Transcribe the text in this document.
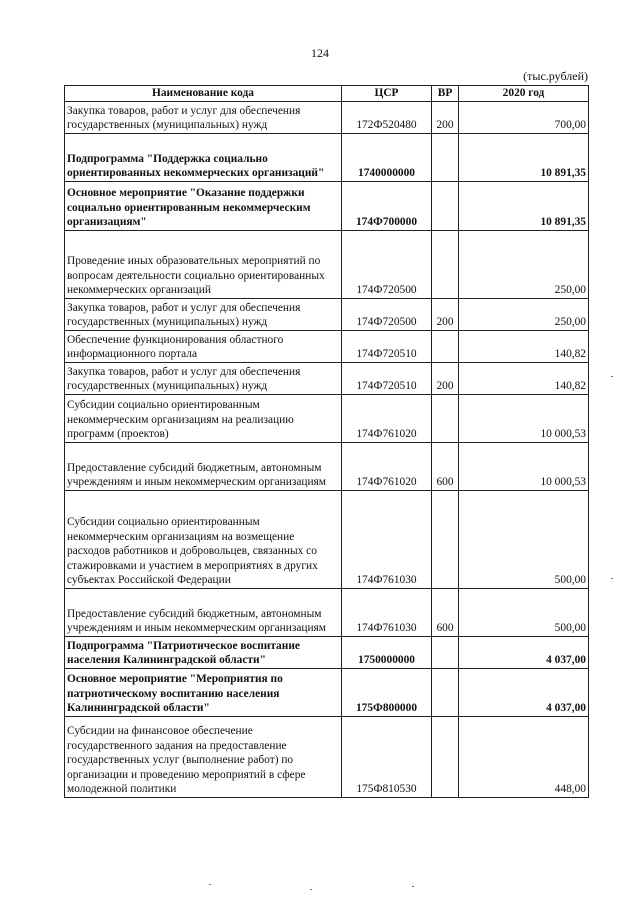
124
(тыс.рублей)
Наименование кода	ЦСР	ВР	2020 год
Закупка товаров, работ и услуг для обеспечения государственных (муниципальных) нужд	172Ф520480	200	700,00
Подпрограмма "Поддержка социально ориентированных некоммерческих организаций"	1740000000		10 891,35
Основное мероприятие "Оказание поддержки социально ориентированным некоммерческим организациям"	174Ф700000		10 891,35
Проведение иных образовательных мероприятий по вопросам деятельности социально ориентированных некоммерческих организаций	174Ф720500		250,00
Закупка товаров, работ и услуг для обеспечения государственных (муниципальных) нужд	174Ф720500	200	250,00
Обеспечение функционирования областного информационного портала	174Ф720510		140,82
Закупка товаров, работ и услуг для обеспечения государственных (муниципальных) нужд	174Ф720510	200	140,82
Субсидии социально ориентированным некоммерческим организациям на реализацию программ (проектов)	174Ф761020		10 000,53
Предоставление субсидий бюджетным, автономным учреждениям и иным некоммерческим организациям	174Ф761020	600	10 000,53
Субсидии социально ориентированным некоммерческим организациям на возмещение расходов работников и добровольцев, связанных со стажировками и участием в мероприятиях в других субъектах Российской Федерации	174Ф761030		500,00
Предоставление субсидий бюджетным, автономным учреждениям и иным некоммерческим организациям	174Ф761030	600	500,00
Подпрограмма "Патриотическое воспитание населения Калининградской области"	1750000000		4 037,00
Основное мероприятие "Мероприятия по патриотическому воспитанию населения Калининградской области"	175Ф800000		4 037,00
Субсидии на финансовое обеспечение государственного задания на предоставление государственных услуг (выполнение работ) по организации и проведению мероприятий в сфере молодежной политики	175Ф810530		448,00
